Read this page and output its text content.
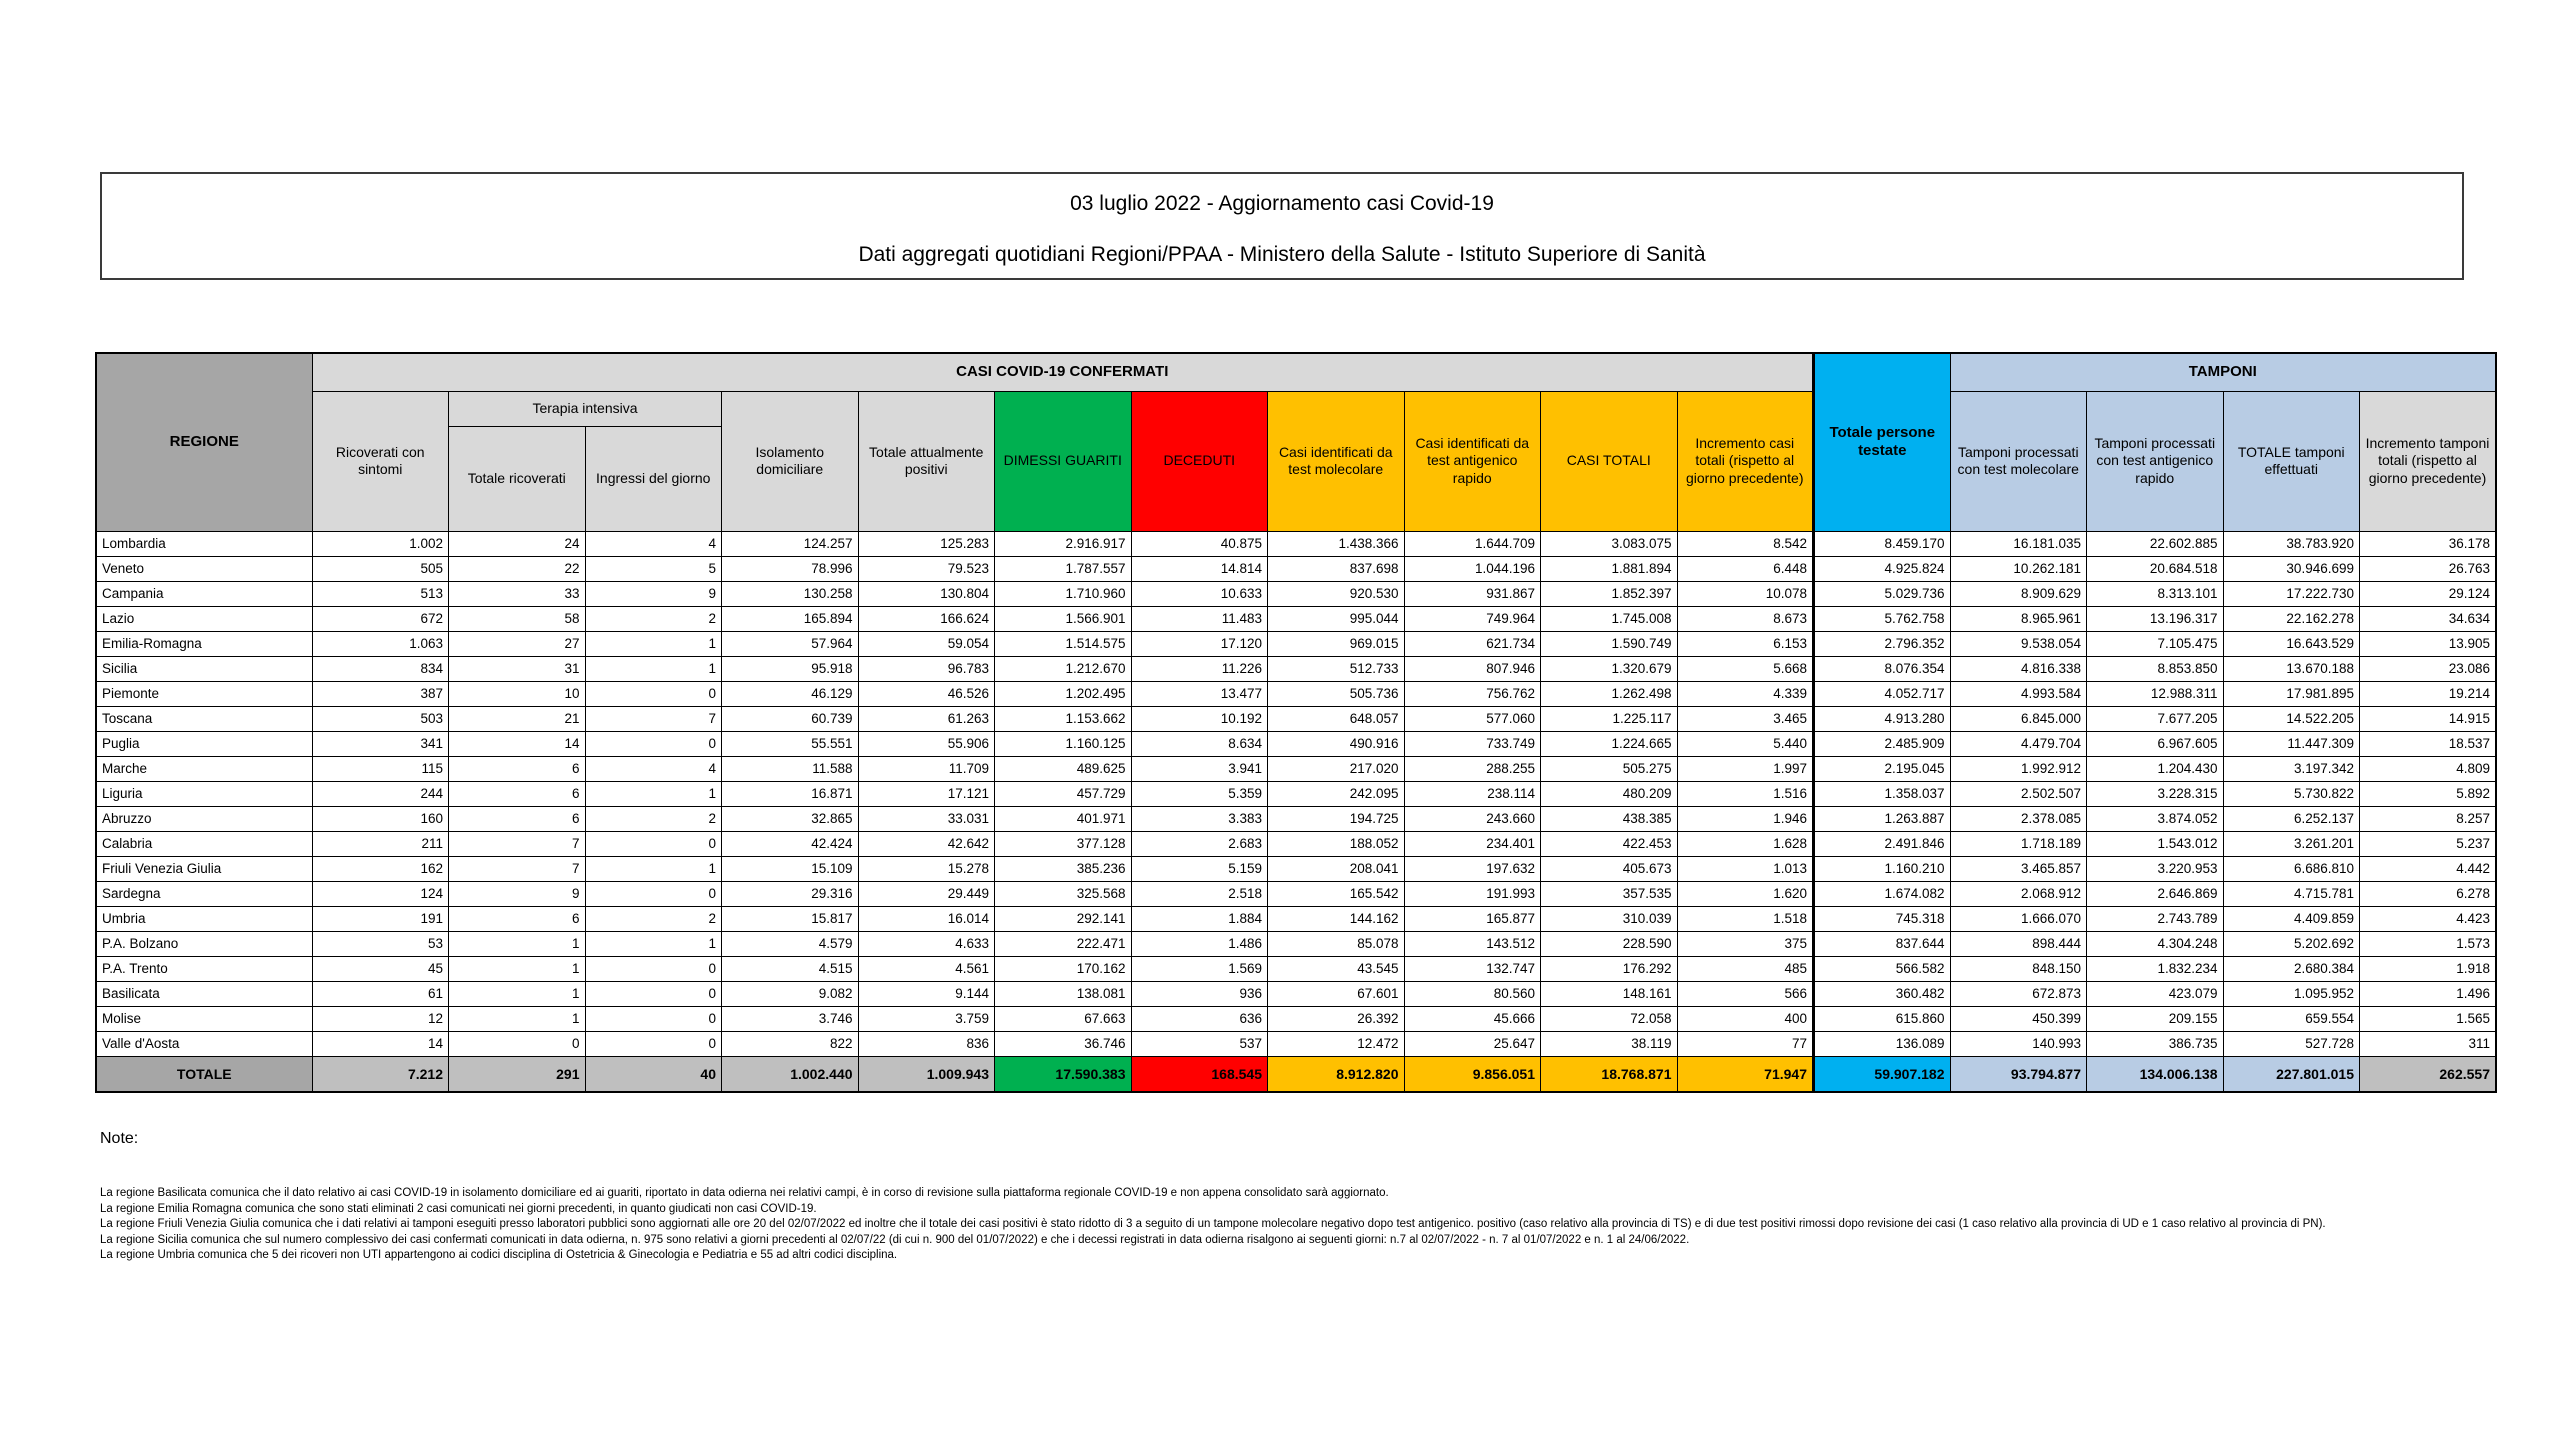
03 luglio 2022 - Aggiornamento casi Covid-19
Dati aggregati quotidiani Regioni/PPAA - Ministero della Salute - Istituto Superiore di Sanità
REGIONE	CASI COVID-19 CONFERMATI											Totale persone testate	TAMPONI			
	Ricoverati con sintomi	Terapia intensiva		Isolamento domiciliare	Totale attualmente positivi	DIMESSI GUARITI	DECEDUTI	Casi identificati da test molecolare	Casi identificati da test antigenico rapido	CASI TOTALI	Incremento casi totali (rispetto al giorno precedente)		Tamponi processati con test molecolare	Tamponi processati con test antigenico rapido	TOTALE tamponi effettuati	Incremento tamponi totali (rispetto al giorno precedente)
		Totale ricoverati	Ingressi del giorno													
Lombardia	1.002	24	4	124.257	125.283	2.916.917	40.875	1.438.366	1.644.709	3.083.075	8.542	8.459.170	16.181.035	22.602.885	38.783.920	36.178
Veneto	505	22	5	78.996	79.523	1.787.557	14.814	837.698	1.044.196	1.881.894	6.448	4.925.824	10.262.181	20.684.518	30.946.699	26.763
Campania	513	33	9	130.258	130.804	1.710.960	10.633	920.530	931.867	1.852.397	10.078	5.029.736	8.909.629	8.313.101	17.222.730	29.124
Lazio	672	58	2	165.894	166.624	1.566.901	11.483	995.044	749.964	1.745.008	8.673	5.762.758	8.965.961	13.196.317	22.162.278	34.634
Emilia-Romagna	1.063	27	1	57.964	59.054	1.514.575	17.120	969.015	621.734	1.590.749	6.153	2.796.352	9.538.054	7.105.475	16.643.529	13.905
Sicilia	834	31	1	95.918	96.783	1.212.670	11.226	512.733	807.946	1.320.679	5.668	8.076.354	4.816.338	8.853.850	13.670.188	23.086
Piemonte	387	10	0	46.129	46.526	1.202.495	13.477	505.736	756.762	1.262.498	4.339	4.052.717	4.993.584	12.988.311	17.981.895	19.214
Toscana	503	21	7	60.739	61.263	1.153.662	10.192	648.057	577.060	1.225.117	3.465	4.913.280	6.845.000	7.677.205	14.522.205	14.915
Puglia	341	14	0	55.551	55.906	1.160.125	8.634	490.916	733.749	1.224.665	5.440	2.485.909	4.479.704	6.967.605	11.447.309	18.537
Marche	115	6	4	11.588	11.709	489.625	3.941	217.020	288.255	505.275	1.997	2.195.045	1.992.912	1.204.430	3.197.342	4.809
Liguria	244	6	1	16.871	17.121	457.729	5.359	242.095	238.114	480.209	1.516	1.358.037	2.502.507	3.228.315	5.730.822	5.892
Abruzzo	160	6	2	32.865	33.031	401.971	3.383	194.725	243.660	438.385	1.946	1.263.887	2.378.085	3.874.052	6.252.137	8.257
Calabria	211	7	0	42.424	42.642	377.128	2.683	188.052	234.401	422.453	1.628	2.491.846	1.718.189	1.543.012	3.261.201	5.237
Friuli Venezia Giulia	162	7	1	15.109	15.278	385.236	5.159	208.041	197.632	405.673	1.013	1.160.210	3.465.857	3.220.953	6.686.810	4.442
Sardegna	124	9	0	29.316	29.449	325.568	2.518	165.542	191.993	357.535	1.620	1.674.082	2.068.912	2.646.869	4.715.781	6.278
Umbria	191	6	2	15.817	16.014	292.141	1.884	144.162	165.877	310.039	1.518	745.318	1.666.070	2.743.789	4.409.859	4.423
P.A. Bolzano	53	1	1	4.579	4.633	222.471	1.486	85.078	143.512	228.590	375	837.644	898.444	4.304.248	5.202.692	1.573
P.A. Trento	45	1	0	4.515	4.561	170.162	1.569	43.545	132.747	176.292	485	566.582	848.150	1.832.234	2.680.384	1.918
Basilicata	61	1	0	9.082	9.144	138.081	936	67.601	80.560	148.161	566	360.482	672.873	423.079	1.095.952	1.496
Molise	12	1	0	3.746	3.759	67.663	636	26.392	45.666	72.058	400	615.860	450.399	209.155	659.554	1.565
Valle d'Aosta	14	0	0	822	836	36.746	537	12.472	25.647	38.119	77	136.089	140.993	386.735	527.728	311
TOTALE	7.212	291	40	1.002.440	1.009.943	17.590.383	168.545	8.912.820	9.856.051	18.768.871	71.947	59.907.182	93.794.877	134.006.138	227.801.015	262.557
Note:
La regione Basilicata comunica che il dato relativo ai casi COVID-19 in isolamento domiciliare ed ai guariti, riportato in data odierna nei relativi campi, è in corso di revisione sulla piattaforma regionale COVID-19 e non appena consolidato sarà aggiornato.
La regione Emilia Romagna comunica che sono stati eliminati 2 casi comunicati nei giorni precedenti, in quanto giudicati non casi COVID-19.
La regione Friuli Venezia Giulia comunica che i dati relativi ai tamponi eseguiti presso laboratori pubblici sono aggiornati alle ore 20 del 02/07/2022 ed inoltre che il totale dei casi positivi è stato ridotto di 3 a seguito di un tampone molecolare negativo dopo test antigenico. positivo (caso relativo alla provincia di TS) e di due test positivi rimossi dopo revisione dei casi (1 caso relativo alla provincia di UD e 1 caso relativo al provincia di PN).
La regione Sicilia comunica che sul numero complessivo dei casi confermati comunicati in data odierna, n. 975 sono relativi a giorni precedenti al 02/07/22 (di cui n. 900 del 01/07/2022) e che i decessi registrati in data odierna risalgono ai seguenti giorni: n.7 al 02/07/2022 - n. 7 al 01/07/2022 e n. 1 al 24/06/2022.
La regione Umbria comunica che 5 dei ricoveri non UTI appartengono ai codici disciplina di Ostetricia & Ginecologia e Pediatria e 55 ad altri codici disciplina.
